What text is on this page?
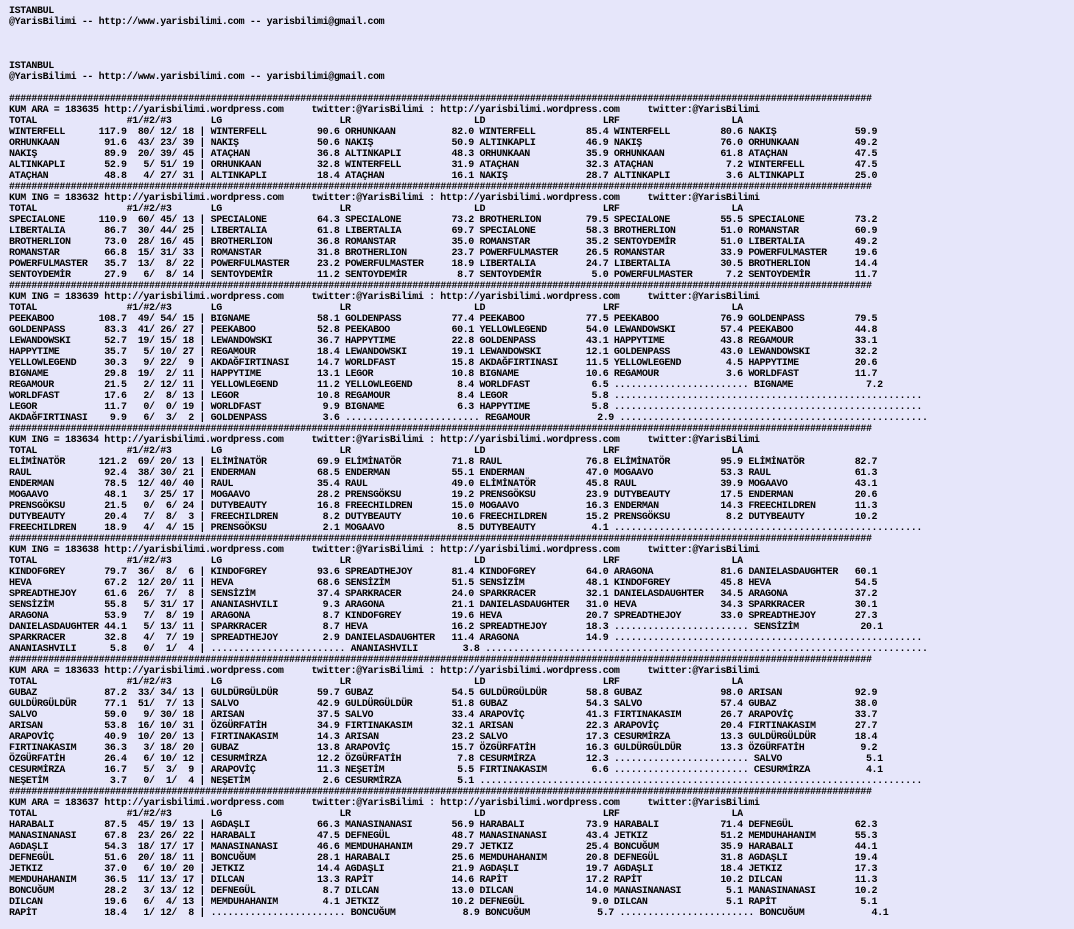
ISTANBUL
@YarisBilimi -- http://www.yarisbilimi.com -- yarisbilimi@gmail.com

ISTANBUL
@YarisBilimi -- http://www.yarisbilimi.com -- yarisbilimi@gmail.com

##########################################################################################################################################################
KUM ARA = 183635 http://yarisbilimi.wordpress.com     twitter:@YarisBilimi : http://yarisbilimi.wordpress.com     twitter:@YarisBilimi
TOTAL                #1/#2/#3       LG                     LR                      LD                     LRF                    LA
WINTERFELL      117.9  80/ 12/ 18 | WINTERFELL         90.6 ORHUNKAAN          82.0 WINTERFELL         85.4 WINTERFELL         80.6 NAKIŞ              59.9
ORHUNKAAN        91.6  43/ 23/ 39 | NAKIŞ              50.6 NAKIŞ              50.9 ALTINKAPLI         46.9 NAKIŞ              76.0 ORHUNKAAN          49.2
NAKIŞ            89.9  20/ 39/ 45 | ATAÇHAN            36.8 ALTINKAPLI         48.3 ORHUNKAAN          35.9 ORHUNKAAN          61.8 ATAÇHAN            47.5
ALTINKAPLI       52.9   5/ 51/ 19 | ORHUNKAAN          32.8 WINTERFELL         31.9 ATAÇHAN            32.3 ATAÇHAN             7.2 WINTERFELL         47.5
ATAÇHAN          48.8   4/ 27/ 31 | ALTINKAPLI         18.4 ATAÇHAN            16.1 NAKIŞ              28.7 ALTINKAPLI          3.6 ALTINKAPLI         25.0
##########################################################################################################################################################
KUM ING = 183632 http://yarisbilimi.wordpress.com     twitter:@YarisBilimi : http://yarisbilimi.wordpress.com     twitter:@YarisBilimi
TOTAL                #1/#2/#3       LG                     LR                      LD                     LRF                    LA
SPECIALONE      110.9  60/ 45/ 13 | SPECIALONE         64.3 SPECIALONE         73.2 BROTHERLION        79.5 SPECIALONE         55.5 SPECIALONE         73.2
LIBERTALIA       86.7  30/ 44/ 25 | LIBERTALIA         61.8 LIBERTALIA         69.7 SPECIALONE         58.3 BROTHERLION        51.0 ROMANSTAR          60.9
BROTHERLION      73.0  28/ 16/ 45 | BROTHERLION        36.8 ROMANSTAR          35.0 ROMANSTAR          35.2 SENTOYDEMİR        51.0 LIBERTALIA         49.2
ROMANSTAR        66.8  15/ 31/ 33 | ROMANSTAR          31.8 BROTHERLION        23.7 POWERFULMASTER     26.5 ROMANSTAR          33.9 POWERFULMASTER     19.6
POWERFULMASTER   35.7  13/  8/ 22 | POWERFULMASTER     23.2 POWERFULMASTER     18.9 LIBERTALIA         24.7 LIBERTALIA         30.5 BROTHERLION        14.4
SENTOYDEMİR      27.9   6/  8/ 14 | SENTOYDEMİR        11.2 SENTOYDEMİR         8.7 SENTOYDEMİR         5.0 POWERFULMASTER      7.2 SENTOYDEMİR        11.7
##########################################################################################################################################################
KUM ING = 183639 http://yarisbilimi.wordpress.com     twitter:@YarisBilimi : http://yarisbilimi.wordpress.com     twitter:@YarisBilimi
TOTAL                #1/#2/#3       LG                     LR                      LD                     LRF                    LA
PEEKABOO        108.7  49/ 54/ 15 | BIGNAME            58.1 GOLDENPASS         77.4 PEEKABOO           77.5 PEEKABOO           76.9 GOLDENPASS         79.5
GOLDENPASS       83.3  41/ 26/ 27 | PEEKABOO           52.8 PEEKABOO           60.1 YELLOWLEGEND       54.0 LEWANDOWSKI        57.4 PEEKABOO           44.8
LEWANDOWSKI      52.7  19/ 15/ 18 | LEWANDOWSKI        36.7 HAPPYTIME          22.8 GOLDENPASS         43.1 HAPPYTIME          43.8 REGAMOUR           33.1
HAPPYTIME        35.7   5/ 10/ 27 | REGAMOUR           18.4 LEWANDOWSKI        19.1 LEWANDOWSKI        12.1 GOLDENPASS         43.0 LEWANDOWSKI        32.2
YELLOWLEGEND     30.3   9/ 22/  9 | AKDAĞFIRTINASI     14.7 WORLDFAST          15.8 AKDAĞFIRTINASI     11.5 YELLOWLEGEND        4.5 HAPPYTIME          20.6
BIGNAME          29.8  19/  2/ 11 | HAPPYTIME          13.1 LEGOR              10.8 BIGNAME            10.6 REGAMOUR            3.6 WORLDFAST          11.7
REGAMOUR         21.5   2/ 12/ 11 | YELLOWLEGEND       11.2 YELLOWLEGEND        8.4 WORLDFAST           6.5 ........................ BIGNAME             7.2
WORLDFAST        17.6   2/  8/ 13 | LEGOR              10.8 REGAMOUR            8.4 LEGOR               5.8 .......................................................
LEGOR            11.7   0/  0/ 19 | WORLDFAST           9.9 BIGNAME             6.3 HAPPYTIME           5.8 .......................................................
AKDAĞFIRTINASI    9.9   6/  3/  2 | GOLDENPASS          3.6 ........................ REGAMOUR            2.9 .......................................................
##########################################################################################################################################################
KUM ING = 183634 http://yarisbilimi.wordpress.com     twitter:@YarisBilimi : http://yarisbilimi.wordpress.com     twitter:@YarisBilimi
TOTAL                #1/#2/#3       LG                     LR                      LD                     LRF                    LA
ELİMİNATÖR      121.2  69/ 20/ 13 | ELİMİNATÖR         69.9 ELİMİNATÖR         71.8 RAUL               76.8 ELİMİNATÖR         95.9 ELİMİNATÖR         82.7
RAUL             92.4  38/ 30/ 21 | ENDERMAN           68.5 ENDERMAN           55.1 ENDERMAN           47.0 MOGAAVO            53.3 RAUL               61.3
ENDERMAN         78.5  12/ 40/ 40 | RAUL               35.4 RAUL               49.0 ELİMİNATÖR         45.8 RAUL               39.9 MOGAAVO            43.1
MOGAAVO          48.1   3/ 25/ 17 | MOGAAVO            28.2 PRENSGÖKSU         19.2 PRENSGÖKSU         23.9 DUTYBEAUTY         17.5 ENDERMAN           20.6
PRENSGÖKSU       21.5   0/  6/ 24 | DUTYBEAUTY         16.8 FREECHILDREN       15.0 MOGAAVO            16.3 ENDERMAN           14.3 FREECHILDREN       11.3
DUTYBEAUTY       20.4   7/  8/  3 | FREECHILDREN        8.2 DUTYBEAUTY         10.6 FREECHILDREN       15.2 PRENSGÖKSU          8.2 DUTYBEAUTY         10.2
FREECHILDREN     18.9   4/  4/ 15 | PRENSGÖKSU          2.1 MOGAAVO             8.5 DUTYBEAUTY          4.1 .......................................................
##########################################################################################################################################################
KUM ING = 183638 http://yarisbilimi.wordpress.com     twitter:@YarisBilimi : http://yarisbilimi.wordpress.com     twitter:@YarisBilimi
TOTAL                #1/#2/#3       LG                     LR                      LD                     LRF                    LA
KINDOFGREY       79.7  36/  8/  6 | KINDOFGREY         93.6 SPREADTHEJOY       81.4 KINDOFGREY         64.0 ARAGONA            81.6 DANIELASDAUGHTER   60.1
HEVA             67.2  12/ 20/ 11 | HEVA               68.6 SENSİZİM           51.5 SENSİZİM           48.1 KINDOFGREY         45.8 HEVA               54.5
SPREADTHEJOY     61.6  26/  7/  8 | SENSİZİM           37.4 SPARKRACER         24.0 SPARKRACER         32.1 DANIELASDAUGHTER   34.5 ARAGONA            37.2
SENSİZİM         55.8   5/ 31/ 17 | ANANIASHVILI        9.3 ARAGONA            21.1 DANIELASDAUGHTER   31.0 HEVA               34.3 SPARKRACER         30.1
ARAGONA          53.9   7/  8/ 19 | ARAGONA             8.7 KINDOFGREY         19.6 HEVA               20.7 SPREADTHEJOY       33.0 SPREADTHEJOY       27.3
DANIELASDAUGHTER 44.1   5/ 13/ 11 | SPARKRACER          8.7 HEVA               16.2 SPREADTHEJOY       18.3 ........................ SENSİZİM           20.1
SPARKRACER       32.8   4/  7/ 19 | SPREADTHEJOY        2.9 DANIELASDAUGHTER   11.4 ARAGONA            14.9 .......................................................
ANANIASHVILI      5.8   0/  1/  4 | ........................ ANANIASHVILI        3.8 ...............................................................................
##########################################################################################################################################################
KUM ARA = 183633 http://yarisbilimi.wordpress.com     twitter:@YarisBilimi : http://yarisbilimi.wordpress.com     twitter:@YarisBilimi
TOTAL                #1/#2/#3       LG                     LR                      LD                     LRF                    LA
GUBAZ            87.2  33/ 34/ 13 | GULDÜRGÜLDÜR       59.7 GUBAZ              54.5 GULDÜRGÜLDÜR       58.8 GUBAZ              98.0 ARISAN             92.9
GULDÜRGÜLDÜR     77.1  51/  7/ 13 | SALVO              42.9 GULDÜRGÜLDÜR       51.8 GUBAZ              54.3 SALVO              57.4 GUBAZ              38.0
SALVO            59.0   9/ 30/ 18 | ARISAN             37.5 SALVO              33.4 ARAPOVİÇ           41.3 FIRTINAKASIM       26.7 ARAPOVİÇ           33.7
ARISAN           53.8  16/ 10/ 31 | ÖZGÜRFATİH         34.9 FIRTINAKASIM       32.1 ARISAN             22.3 ARAPOVİÇ           20.4 FIRTINAKASIM       27.7
ARAPOVİÇ         40.9  10/ 20/ 13 | FIRTINAKASIM       14.3 ARISAN             23.2 SALVO              17.3 CESURMİRZA         13.3 GULDÜRGÜLDÜR       18.4
FIRTINAKASIM     36.3   3/ 18/ 20 | GUBAZ              13.8 ARAPOVİÇ           15.7 ÖZGÜRFATİH         16.3 GULDÜRGÜLDÜR       13.3 ÖZGÜRFATİH          9.2
ÖZGÜRFATİH       26.4   6/ 10/ 12 | CESURMİRZA         12.2 ÖZGÜRFATİH          7.8 CESURMİRZA         12.3 ........................ SALVO               5.1
CESURMİRZA       16.7   5/  3/  9 | ARAPOVİÇ           11.3 NEŞETİM             5.5 FIRTINAKASIM        6.6 ........................ CESURMİRZA          4.1
NEŞETİM           3.7   0/  1/  4 | NEŞETİM             2.6 CESURMİRZA          5.1 ...............................................................................
##########################################################################################################################################################
KUM ARA = 183637 http://yarisbilimi.wordpress.com     twitter:@YarisBilimi : http://yarisbilimi.wordpress.com     twitter:@YarisBilimi
TOTAL                #1/#2/#3       LG                     LR                      LD                     LRF                    LA
HARABALI         87.5  45/ 19/ 13 | AGDAŞLI            66.3 MANASINANASI       56.9 HARABALI           73.9 HARABALI           71.4 DEFNEGÜL           62.3
MANASINANASI     67.8  23/ 26/ 22 | HARABALI           47.5 DEFNEGÜL           48.7 MANASINANASI       43.4 JETKIZ             51.2 MEMDUHAHANIM       55.3
AGDAŞLI          54.3  18/ 17/ 17 | MANASINANASI       46.6 MEMDUHAHANIM       29.7 JETKIZ             25.4 BONCUĞUM           35.9 HARABALI           44.1
DEFNEGÜL         51.6  20/ 18/ 11 | BONCUĞUM           28.1 HARABALI           25.6 MEMDUHAHANIM       20.8 DEFNEGÜL           31.8 AGDAŞLI            19.4
JETKIZ           37.0   6/ 10/ 20 | JETKIZ             14.4 AGDAŞLI            21.9 AGDAŞLI            19.7 AGDAŞLI            18.4 JETKIZ             17.3
MEMDUHAHANIM     36.5  11/ 13/ 17 | DILCAN             13.3 RAPİT              14.6 RAPİT              17.2 RAPİT              10.2 DILCAN             11.3
BONCUĞUM         28.2   3/ 13/ 12 | DEFNEGÜL            8.7 DILCAN             13.0 DILCAN             14.0 MANASINANASI        5.1 MANASINANASI       10.2
DILCAN           19.6   6/  4/ 13 | MEMDUHAHANIM        4.1 JETKIZ             10.2 DEFNEGÜL            9.0 DILCAN              5.1 RAPİT               5.1
RAPİT            18.4   1/ 12/  8 | ........................ BONCUĞUM            8.9 BONCUĞUM            5.7 ........................ BONCUĞUM            4.1
